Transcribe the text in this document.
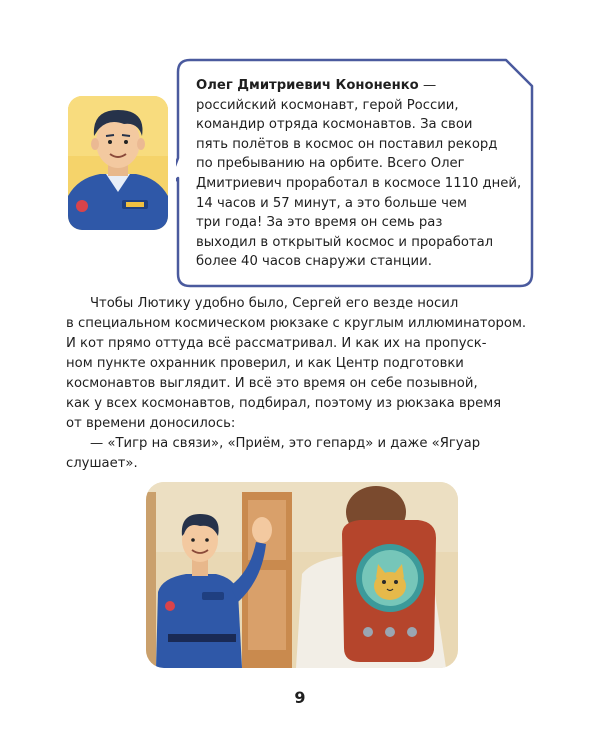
Олег Дмитриевич Кононенко —
российский космонавт, герой России,
командир отряда космонавтов. За свои
пять полётов в космос он поставил рекорд
по пребыванию на орбите. Всего Олег
Дмитриевич проработал в космосе 1110 дней,
14 часов и 57 минут, а это больше чем
три года! За это время он семь раз
выходил в открытый космос и проработал
более 40 часов снаружи станции.

Чтобы Лютику удобно было, Сергей его везде носил
в специальном космическом рюкзаке с круглым иллюминатором.
И кот прямо оттуда всё рассматривал. И как их на пропуск-
ном пункте охранник проверил, и как Центр подготовки
космонавтов выглядит. И всё это время он себе позывной,
как у всех космонавтов, подбирал, поэтому из рюкзака время
от времени доносилось:
— «Тигр на связи», «Приём, это гепард» и даже «Ягуар
слушает».

9
